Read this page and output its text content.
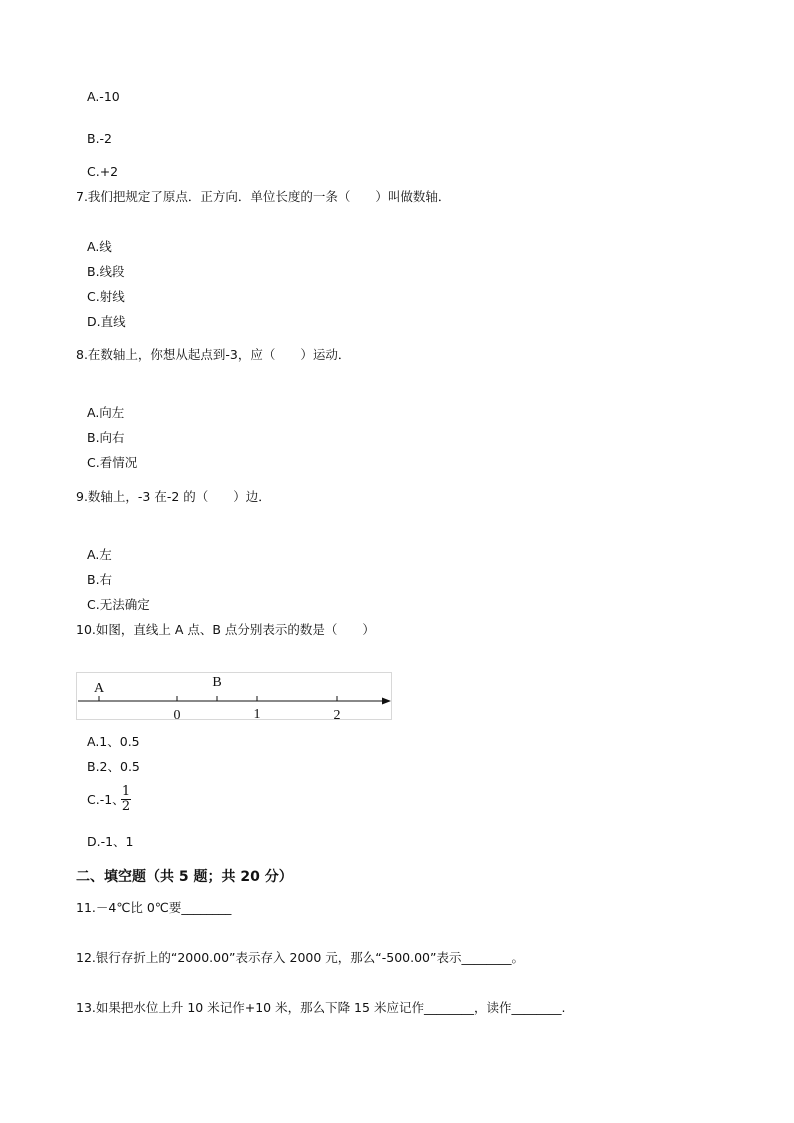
A.-10
B.-2
C.+2
7.我们把规定了原点．正方向．单位长度的一条（　　）叫做数轴．
A.线
B.线段
C.射线
D.直线
8.在数轴上，你想从起点到-3，应（　　）运动．
A.向左
B.向右
C.看情况
9.数轴上，-3 在-2 的（　　）边．
A.左
B.右
C.无法确定
10.如图，直线上 A 点、B 点分别表示的数是（　　）
A	B
0	1	2
A.1、0.5
B.2、0.5
C.-1、
1
2
D.-1、1
二、填空题（共 5 题；共 20 分）
11.－4℃比 0℃要________
12.银行存折上的“2000.00”表示存入 2000 元，那么“-500.00”表示________。
13.如果把水位上升 10 米记作+10 米，那么下降 15 米应记作________，读作________.
